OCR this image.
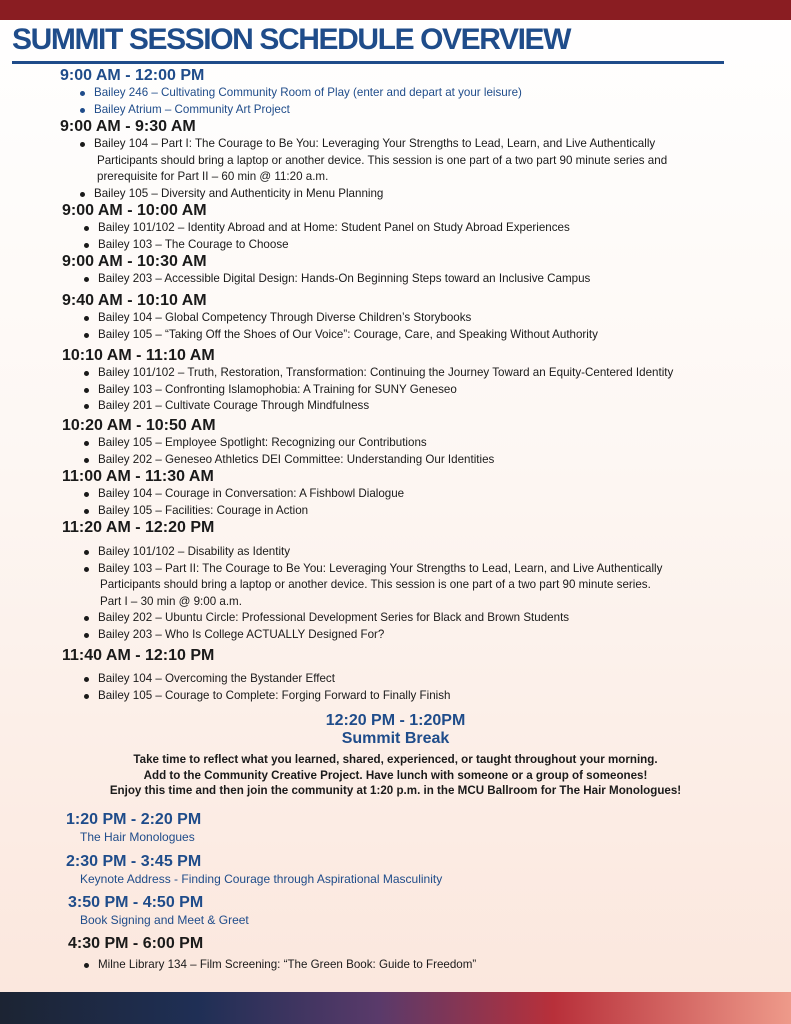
SUMMIT SESSION SCHEDULE OVERVIEW
9:00 AM - 12:00 PM
Bailey 246 – Cultivating Community Room of Play (enter and depart at your leisure)
Bailey Atrium – Community Art Project
9:00 AM - 9:30 AM
Bailey 104 – Part I: The Courage to Be You: Leveraging Your Strengths to Lead, Learn, and Live Authentically
Participants should bring a laptop or another device. This session is one part of a two part 90 minute series and
prerequisite for Part II – 60 min @ 11:20 a.m.
Bailey 105 – Diversity and Authenticity in Menu Planning
9:00 AM - 10:00 AM
Bailey 101/102 – Identity Abroad and at Home: Student Panel on Study Abroad Experiences
Bailey 103 – The Courage to Choose
9:00 AM - 10:30 AM
Bailey 203 – Accessible Digital Design: Hands-On Beginning Steps toward an Inclusive Campus
9:40 AM - 10:10 AM
Bailey 104 – Global Competency Through Diverse Children’s Storybooks
Bailey 105 – “Taking Off the Shoes of Our Voice”: Courage, Care, and Speaking Without Authority
10:10 AM - 11:10 AM
Bailey 101/102 – Truth, Restoration, Transformation: Continuing the Journey Toward an Equity-Centered Identity
Bailey 103 – Confronting Islamophobia: A Training for SUNY Geneseo
Bailey 201 – Cultivate Courage Through Mindfulness
10:20 AM - 10:50 AM
Bailey 105 – Employee Spotlight: Recognizing our Contributions
Bailey 202 – Geneseo Athletics DEI Committee: Understanding Our Identities
11:00 AM - 11:30 AM
Bailey 104 – Courage in Conversation: A Fishbowl Dialogue
Bailey 105 – Facilities: Courage in Action
11:20 AM - 12:20 PM
Bailey 101/102 – Disability as Identity
Bailey 103 – Part II: The Courage to Be You: Leveraging Your Strengths to Lead, Learn, and Live Authentically
Participants should bring a laptop or another device. This session is one part of a two part 90 minute series.
Part I – 30 min @ 9:00 a.m.
Bailey 202 – Ubuntu Circle: Professional Development Series for Black and Brown Students
Bailey 203 – Who Is College ACTUALLY Designed For?
11:40 AM - 12:10 PM
Bailey 104 – Overcoming the Bystander Effect
Bailey 105 – Courage to Complete: Forging Forward to Finally Finish
12:20 PM - 1:20PM
Summit Break
Take time to reflect what you learned, shared, experienced, or taught throughout your morning.
Add to the Community Creative Project. Have lunch with someone or a group of someones!
Enjoy this time and then join the community at 1:20 p.m. in the MCU Ballroom for The Hair Monologues!
1:20 PM - 2:20 PM
The Hair Monologues
2:30 PM - 3:45 PM
Keynote Address - Finding Courage through Aspirational Masculinity
3:50 PM - 4:50 PM
Book Signing and Meet & Greet
4:30 PM - 6:00 PM
Milne Library 134 – Film Screening: “The Green Book: Guide to Freedom”
